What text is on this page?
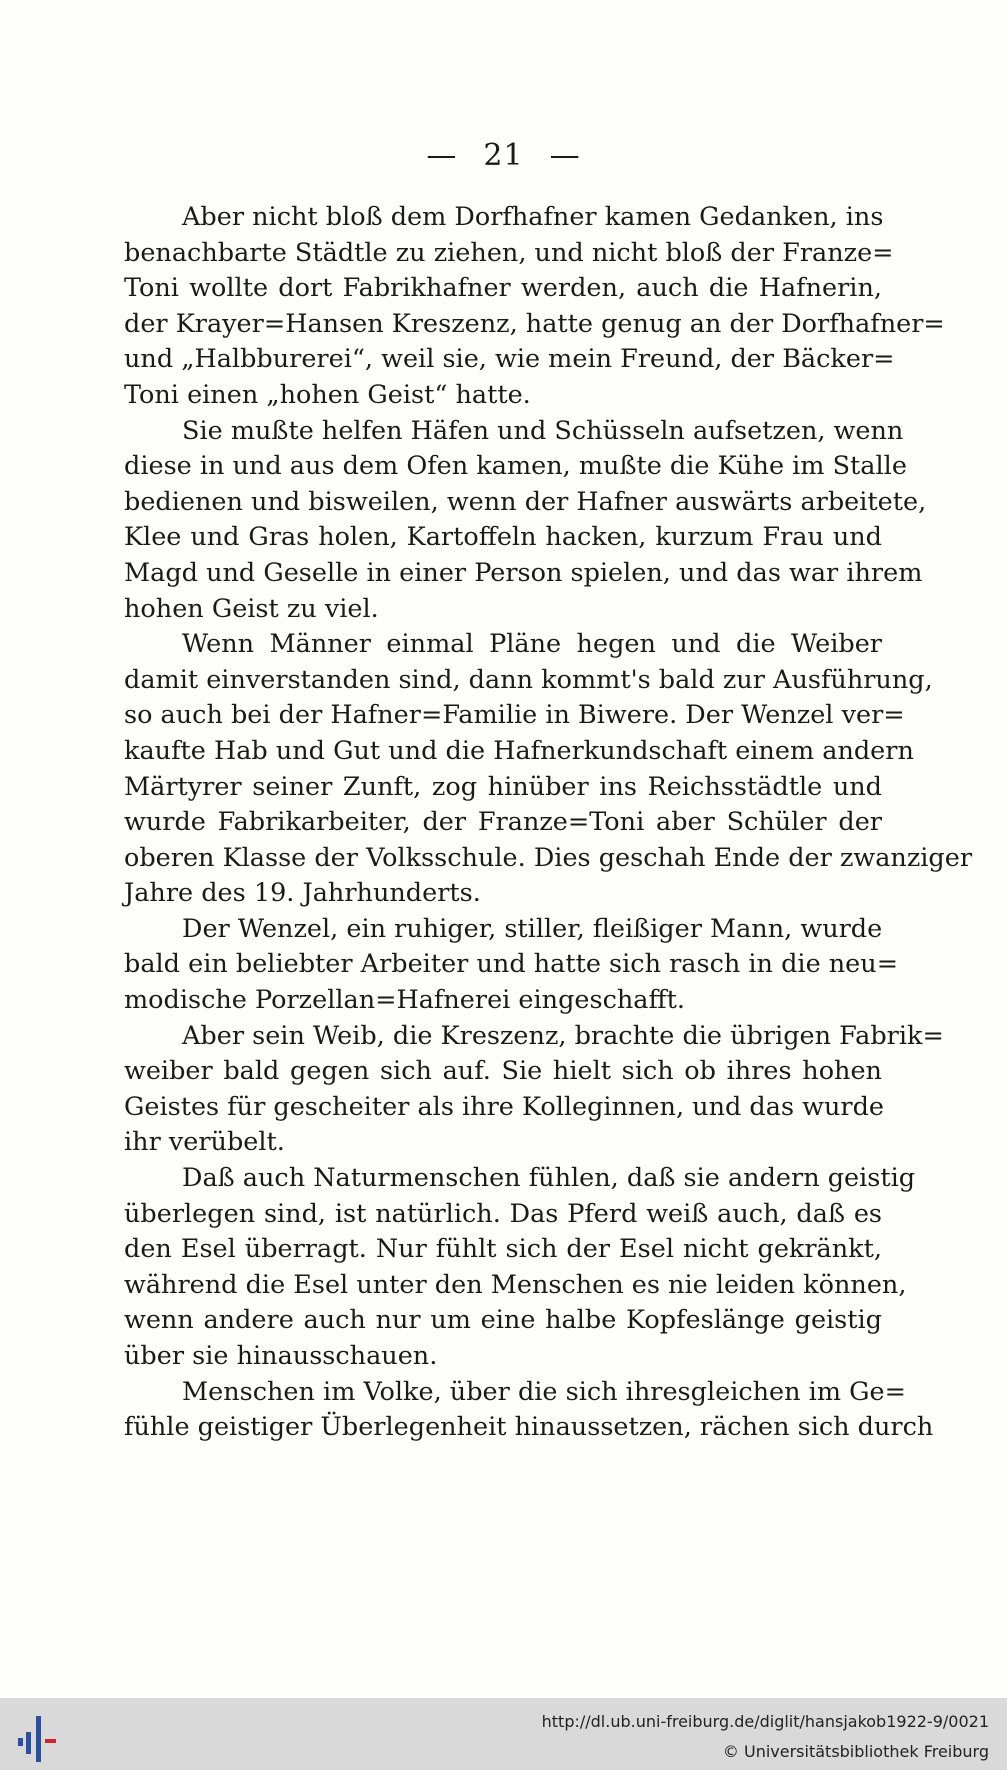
— 21 —
Aber nicht bloß dem Dorfhafner kamen Gedanken, ins
benachbarte Städtle zu ziehen, und nicht bloß der Franze=
Toni wollte dort Fabrikhafner werden, auch die Hafnerin,
der Krayer=Hansen Kreszenz, hatte genug an der Dorfhafner=
und „Halbburerei“, weil sie, wie mein Freund, der Bäcker=
Toni einen „hohen Geist“ hatte.
Sie mußte helfen Häfen und Schüsseln aufsetzen, wenn
diese in und aus dem Ofen kamen, mußte die Kühe im Stalle
bedienen und bisweilen, wenn der Hafner auswärts arbeitete,
Klee und Gras holen, Kartoffeln hacken, kurzum Frau und
Magd und Geselle in einer Person spielen, und das war ihrem
hohen Geist zu viel.
Wenn Männer einmal Pläne hegen und die Weiber
damit einverstanden sind, dann kommt's bald zur Ausführung,
so auch bei der Hafner=Familie in Biwere. Der Wenzel ver=
kaufte Hab und Gut und die Hafnerkundschaft einem andern
Märtyrer seiner Zunft, zog hinüber ins Reichsstädtle und
wurde Fabrikarbeiter, der Franze=Toni aber Schüler der
oberen Klasse der Volksschule. Dies geschah Ende der zwanziger
Jahre des 19. Jahrhunderts.
Der Wenzel, ein ruhiger, stiller, fleißiger Mann, wurde
bald ein beliebter Arbeiter und hatte sich rasch in die neu=
modische Porzellan=Hafnerei eingeschafft.
Aber sein Weib, die Kreszenz, brachte die übrigen Fabrik=
weiber bald gegen sich auf. Sie hielt sich ob ihres hohen
Geistes für gescheiter als ihre Kolleginnen, und das wurde
ihr verübelt.
Daß auch Naturmenschen fühlen, daß sie andern geistig
überlegen sind, ist natürlich. Das Pferd weiß auch, daß es
den Esel überragt. Nur fühlt sich der Esel nicht gekränkt,
während die Esel unter den Menschen es nie leiden können,
wenn andere auch nur um eine halbe Kopfeslänge geistig
über sie hinausschauen.
Menschen im Volke, über die sich ihresgleichen im Ge=
fühle geistiger Überlegenheit hinaussetzen, rächen sich durch
http://dl.ub.uni-freiburg.de/diglit/hansjakob1922-9/0021
© Universitätsbibliothek Freiburg
